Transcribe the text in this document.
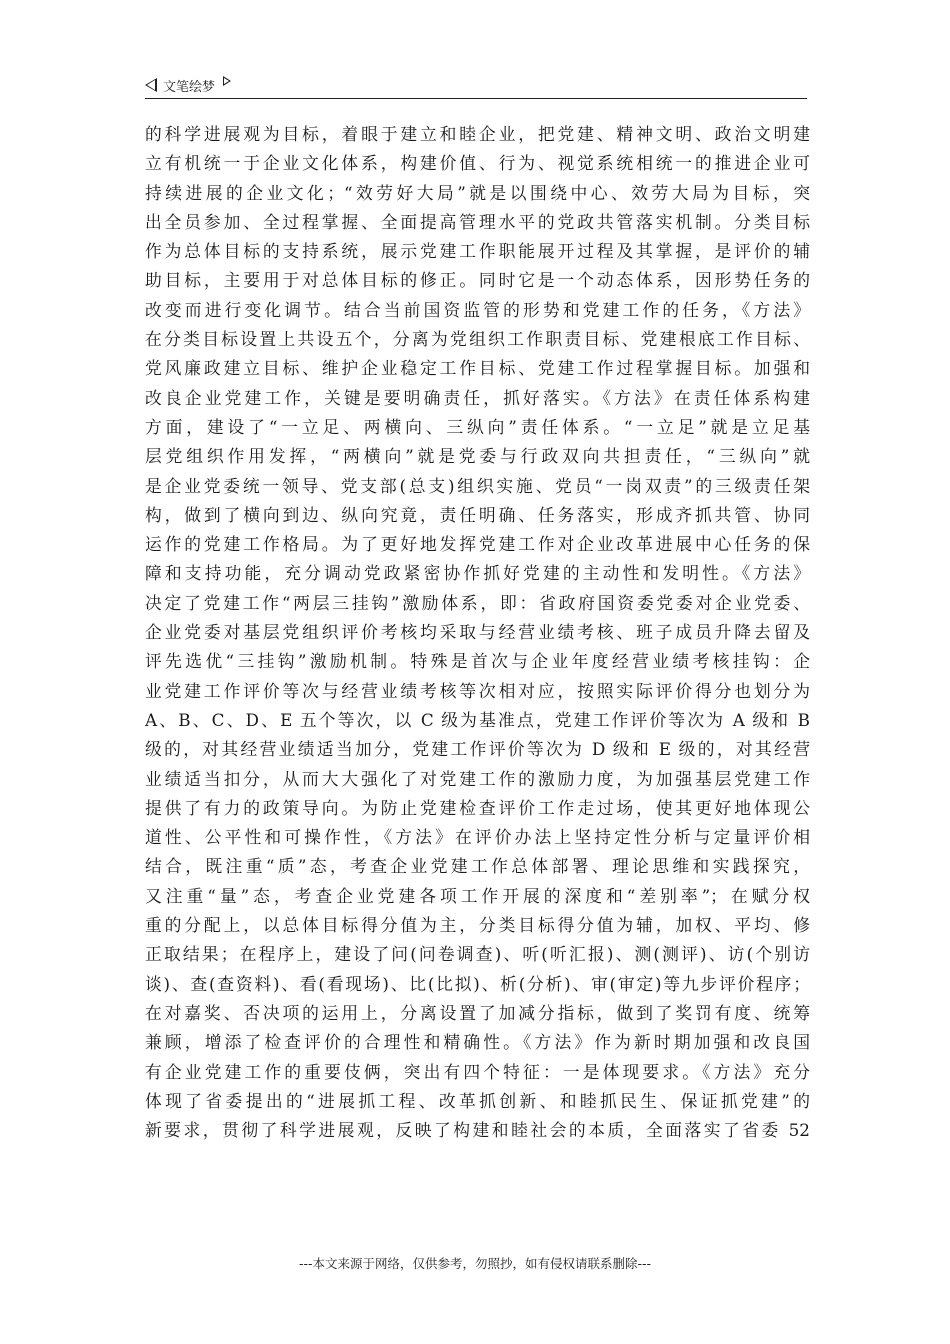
文笔绘梦
的科学进展观为目标，着眼于建立和睦企业，把党建、精神文明、政治文明建
立有机统一于企业文化体系，构建价值、行为、视觉系统相统一的推进企业可
持续进展的企业文化；“效劳好大局”就是以围绕中心、效劳大局为目标，突
出全员参加、全过程掌握、全面提高管理水平的党政共管落实机制。分类目标
作为总体目标的支持系统，展示党建工作职能展开过程及其掌握，是评价的辅
助目标，主要用于对总体目标的修正。同时它是一个动态体系，因形势任务的
改变而进行变化调节。结合当前国资监管的形势和党建工作的任务，《方法》
在分类目标设置上共设五个，分离为党组织工作职责目标、党建根底工作目标、
党风廉政建立目标、维护企业稳定工作目标、党建工作过程掌握目标。加强和
改良企业党建工作，关键是要明确责任，抓好落实。《方法》在责任体系构建
方面，建设了“一立足、两横向、三纵向”责任体系。“一立足”就是立足基
层党组织作用发挥，“两横向”就是党委与行政双向共担责任，“三纵向”就
是企业党委统一领导、党支部(总支)组织实施、党员“一岗双责”的三级责任架
构，做到了横向到边、纵向究竟，责任明确、任务落实，形成齐抓共管、协同
运作的党建工作格局。为了更好地发挥党建工作对企业改革进展中心任务的保
障和支持功能，充分调动党政紧密协作抓好党建的主动性和发明性。《方法》
决定了党建工作“两层三挂钩”激励体系，即：省政府国资委党委对企业党委、
企业党委对基层党组织评价考核均采取与经营业绩考核、班子成员升降去留及
评先选优“三挂钩”激励机制。特殊是首次与企业年度经营业绩考核挂钩：企
业党建工作评价等次与经营业绩考核等次相对应，按照实际评价得分也划分为
A、B、C、D、E 五个等次，以 C 级为基准点，党建工作评价等次为 A 级和 B
级的，对其经营业绩适当加分，党建工作评价等次为 D 级和 E 级的，对其经营
业绩适当扣分，从而大大强化了对党建工作的激励力度，为加强基层党建工作
提供了有力的政策导向。为防止党建检查评价工作走过场，使其更好地体现公
道性、公平性和可操作性，《方法》在评价办法上坚持定性分析与定量评价相
结合，既注重“质”态，考查企业党建工作总体部署、理论思维和实践探究，
又注重“量”态，考查企业党建各项工作开展的深度和“差别率”；在赋分权
重的分配上，以总体目标得分值为主，分类目标得分值为辅，加权、平均、修
正取结果；在程序上，建设了问(问卷调查)、听(听汇报)、测(测评)、访(个别访
谈)、查(查资料)、看(看现场)、比(比拟)、析(分析)、审(审定)等九步评价程序；
在对嘉奖、否决项的运用上，分离设置了加减分指标，做到了奖罚有度、统筹
兼顾，增添了检查评价的合理性和精确性。《方法》作为新时期加强和改良国
有企业党建工作的重要伎俩，突出有四个特征：一是体现要求。《方法》充分
体现了省委提出的“进展抓工程、改革抓创新、和睦抓民生、保证抓党建”的
新要求，贯彻了科学进展观，反映了构建和睦社会的本质，全面落实了省委 52
---本文来源于网络，仅供参考，勿照抄，如有侵权请联系删除---
